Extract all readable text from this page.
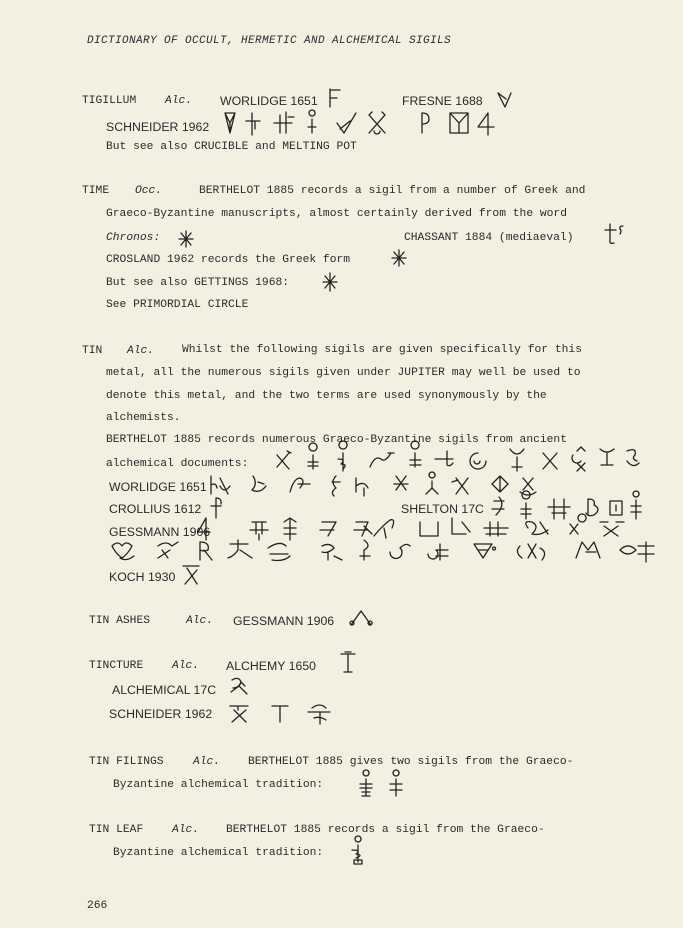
DICTIONARY OF OCCULT, HERMETIC AND ALCHEMICAL SIGILS
TIGILLUM	Alc. WORLIDGE 1651	FRESNE 1688
SCHNEIDER 1962
But see also CRUCIBLE and MELTING POT
TIME Occ.	BERTHELOT 1885 records a sigil from a number of Greek and
Graeco-Byzantine manuscripts, almost certainly derived from the word
Chronos:	CHASSANT 1884 (mediaeval)
CROSLAND 1962 records the Greek form
But see also GETTINGS 1968:
See PRIMORDIAL CIRCLE
TIN Alc. Whilst the following sigils are given specifically for this
metal, all the numerous sigils given under JUPITER may well be used to
denote this metal, and the two terms are used synonymously by the
alchemists.
BERTHELOT 1885 records numerous Graeco-Byzantine sigils from ancient
alchemical documents:
WORLIDGE 1651
CROLLIUS 1612	SHELTON 17C
GESSMANN 1906
KOCH 1930
TIN ASHES	Alc. GESSMANN 1906
TINCTURE	Alc. ALCHEMY 1650
ALCHEMICAL 17C
SCHNEIDER 1962
TIN FILINGS	Alc. BERTHELOT 1885 gives two sigils from the Graeco-
Byzantine alchemical tradition:
TIN LEAF	Alc. BERTHELOT 1885 records a sigil from the Graeco-
Byzantine alchemical tradition:
266
